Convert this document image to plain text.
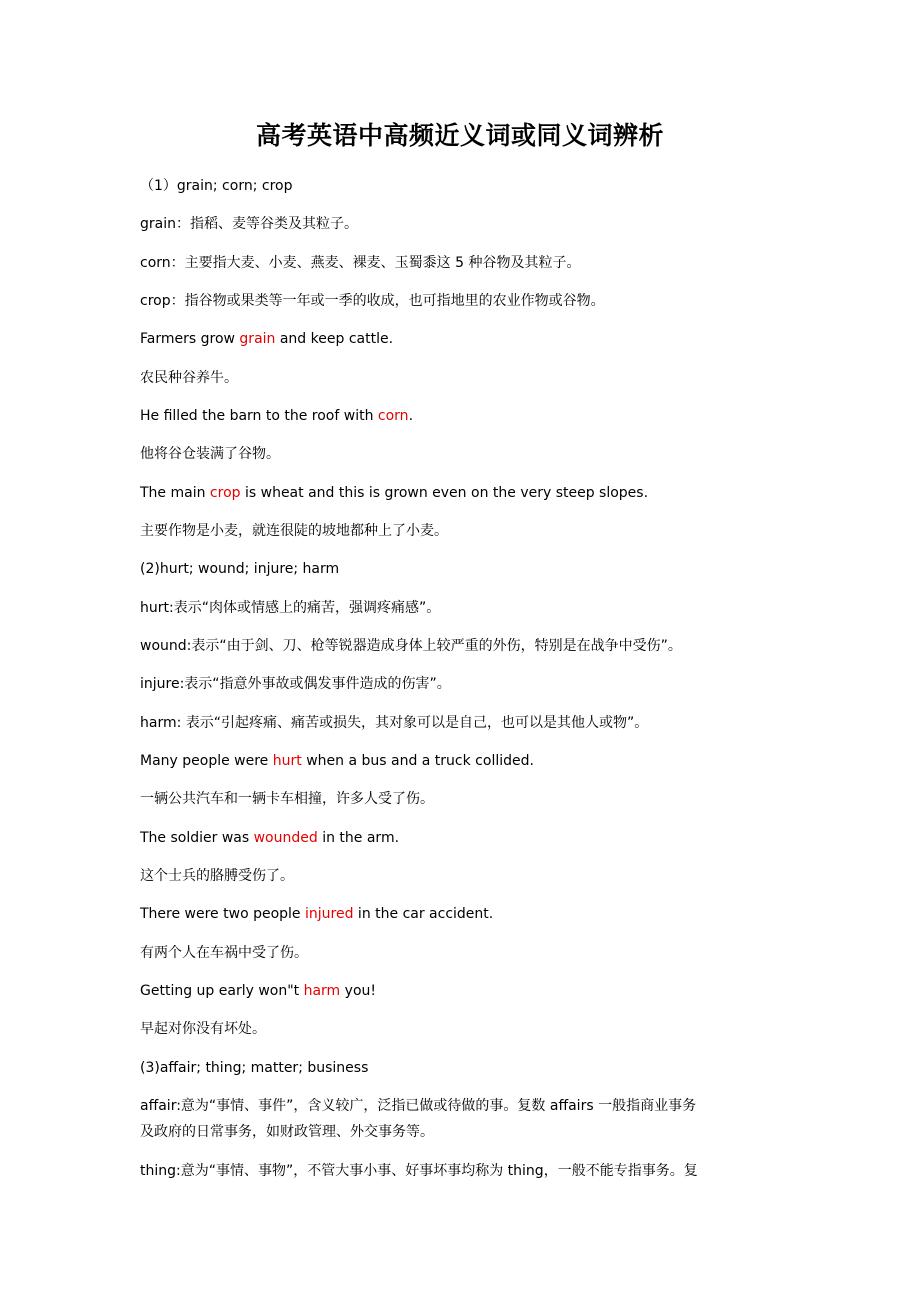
高考英语中高频近义词或同义词辨析
（1）grain; corn; crop
grain：指稻、麦等谷类及其粒子。
corn：主要指大麦、小麦、燕麦、裸麦、玉蜀黍这 5 种谷物及其粒子。
crop：指谷物或果类等一年或一季的收成，也可指地里的农业作物或谷物。
Farmers grow grain and keep cattle.
农民种谷养牛。
He filled the barn to the roof with corn.
他将谷仓装满了谷物。
The main crop is wheat and this is grown even on the very steep slopes.
主要作物是小麦，就连很陡的坡地都种上了小麦。
(2)hurt; wound; injure; harm
hurt:表示“肉体或情感上的痛苦，强调疼痛感”。
wound:表示“由于剑、刀、枪等锐器造成身体上较严重的外伤，特别是在战争中受伤”。
injure:表示“指意外事故或偶发事件造成的伤害”。
harm: 表示“引起疼痛、痛苦或损失，其对象可以是自己，也可以是其他人或物”。
Many people were hurt when a bus and a truck collided.
一辆公共汽车和一辆卡车相撞，许多人受了伤。
The soldier was wounded in the arm.
这个士兵的胳膊受伤了。
There were two people injured in the car accident.
有两个人在车祸中受了伤。
Getting up early won"t harm you!
早起对你没有坏处。
(3)affair; thing; matter; business
affair:意为“事情、事件”，含义较广，泛指已做或待做的事。复数 affairs 一般指商业事务
及政府的日常事务，如财政管理、外交事务等。
thing:意为“事情、事物”，不管大事小事、好事坏事均称为 thing，一般不能专指事务。复
